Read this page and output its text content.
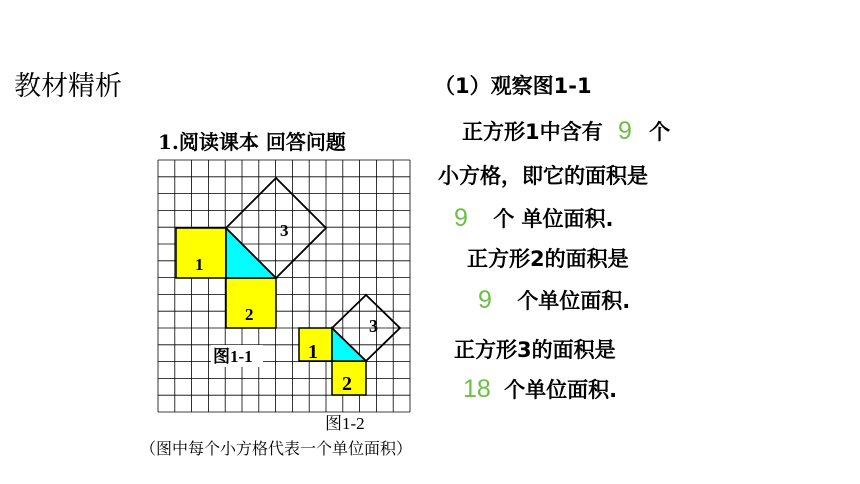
教材精析
1.阅读课本 回答问题
1
2
3
1
2
3
图1-1
图1-2
（图中每个小方格代表一个单位面积）
（1）观察图1-1
正方形1中含有 9 个
小方格，即它的面积是
9 个 单位面积.
正方形2的面积是
9 个单位面积.
正方形3的面积是
18 个单位面积.
